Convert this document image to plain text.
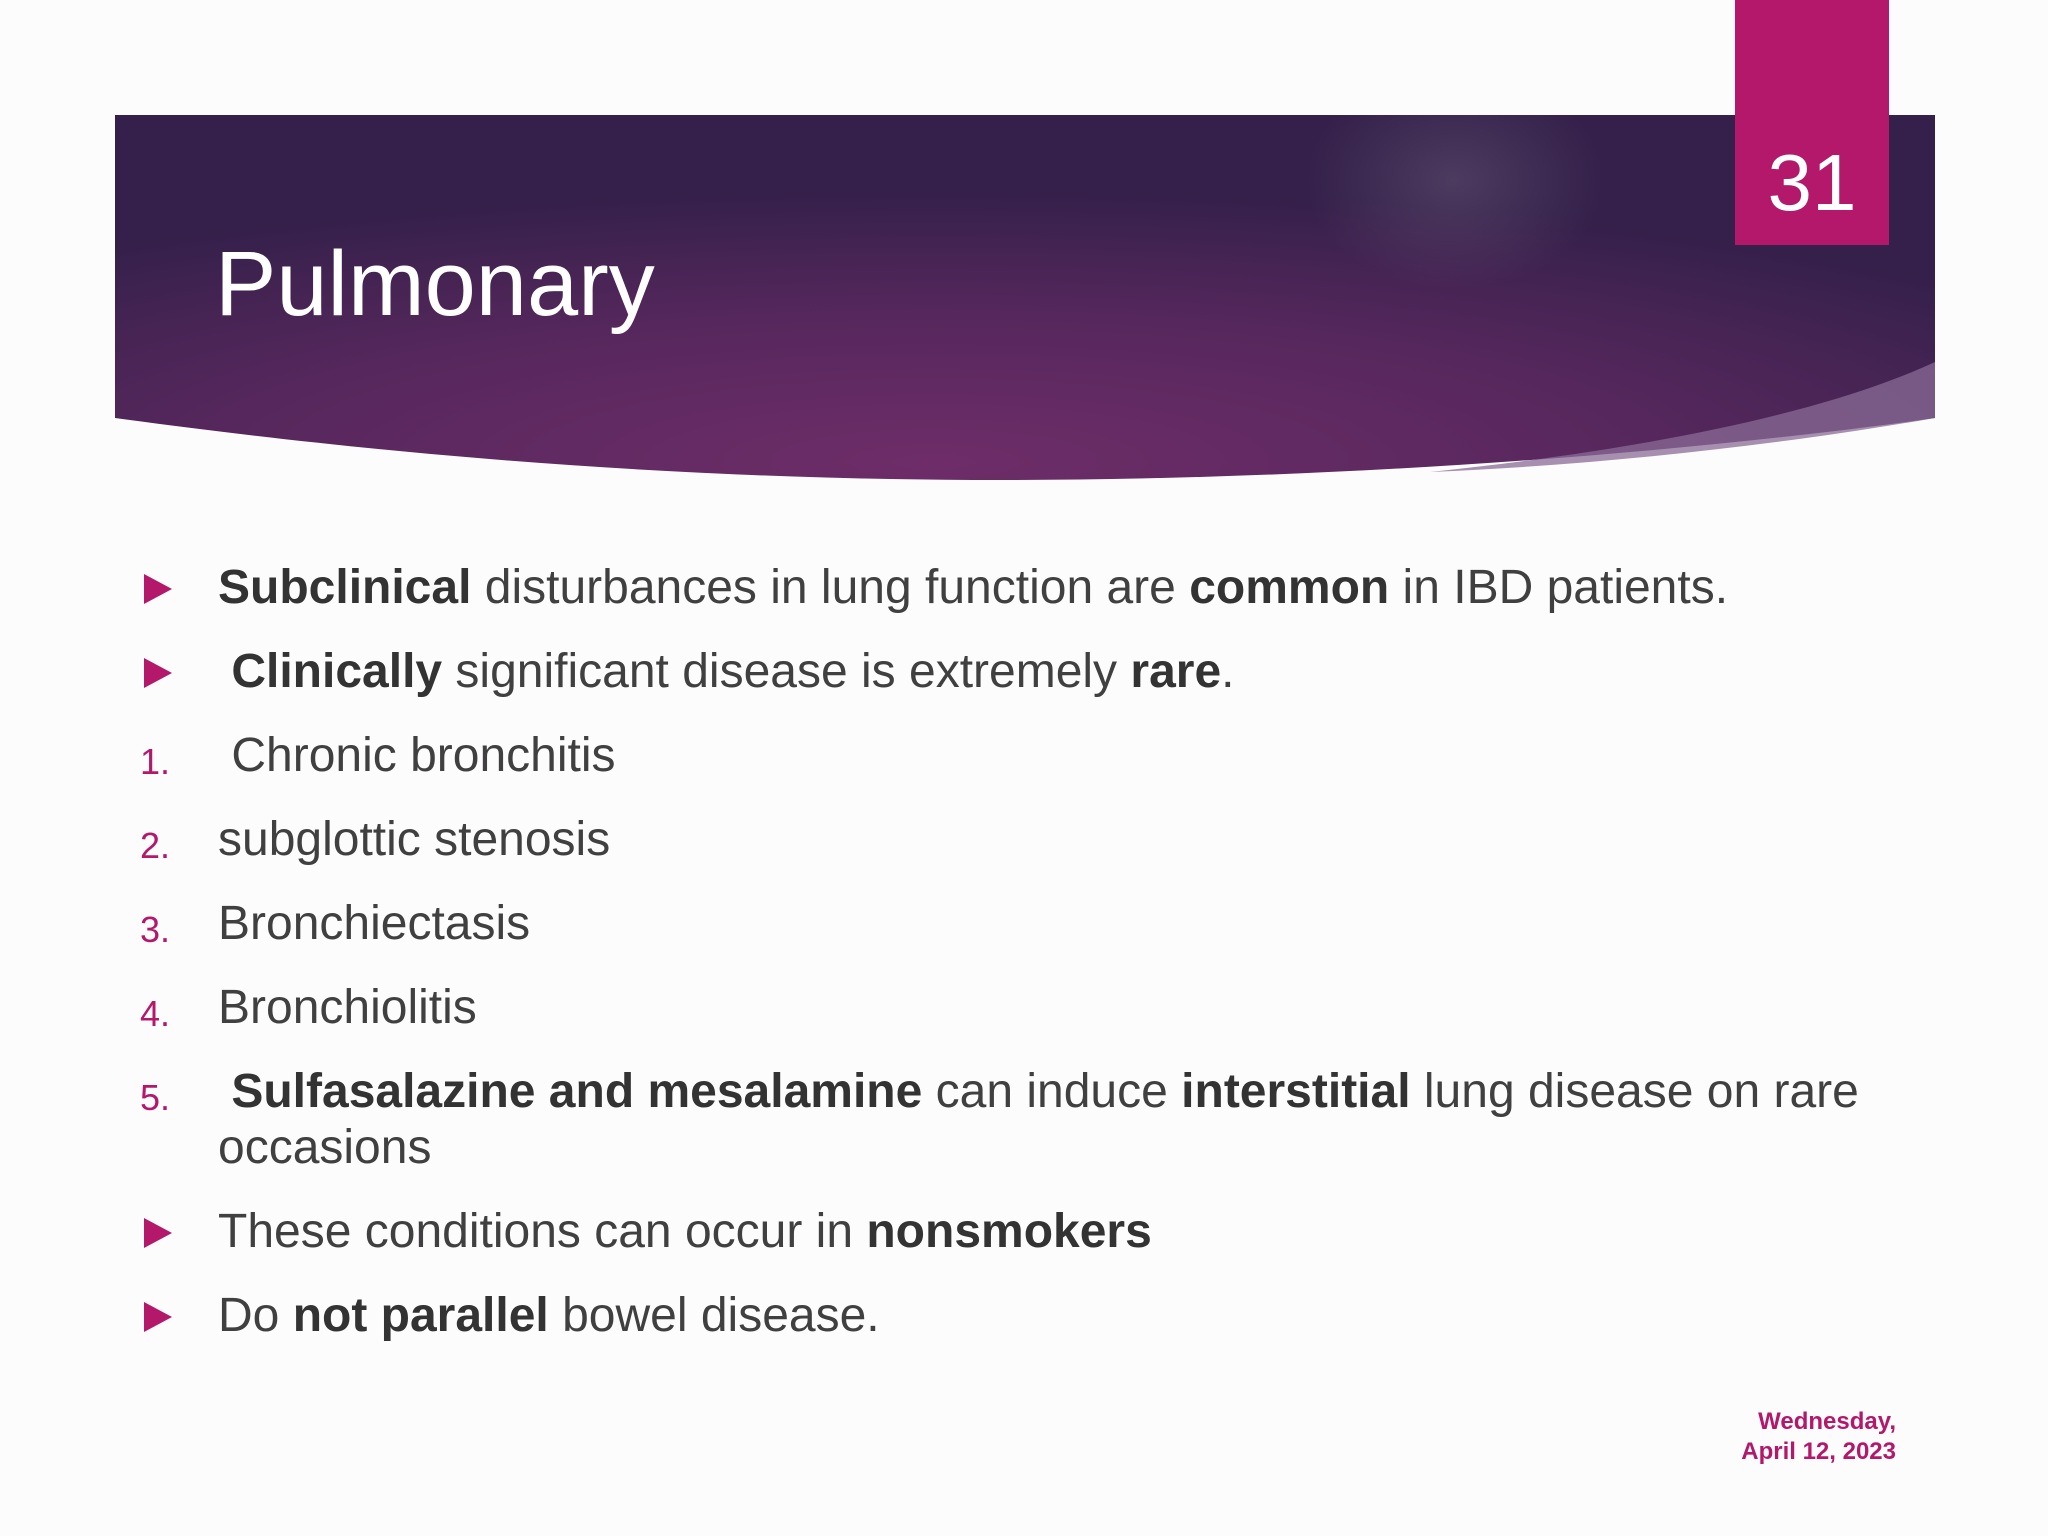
Pulmonary
31
Subclinical disturbances in lung function are common in IBD patients.
Clinically significant disease is extremely rare.
1. Chronic bronchitis
2. subglottic stenosis
3. Bronchiectasis
4. Bronchiolitis
5. Sulfasalazine and mesalamine can induce interstitial lung disease on rare occasions
These conditions can occur in nonsmokers
Do not parallel bowel disease.
Wednesday,
April 12, 2023
